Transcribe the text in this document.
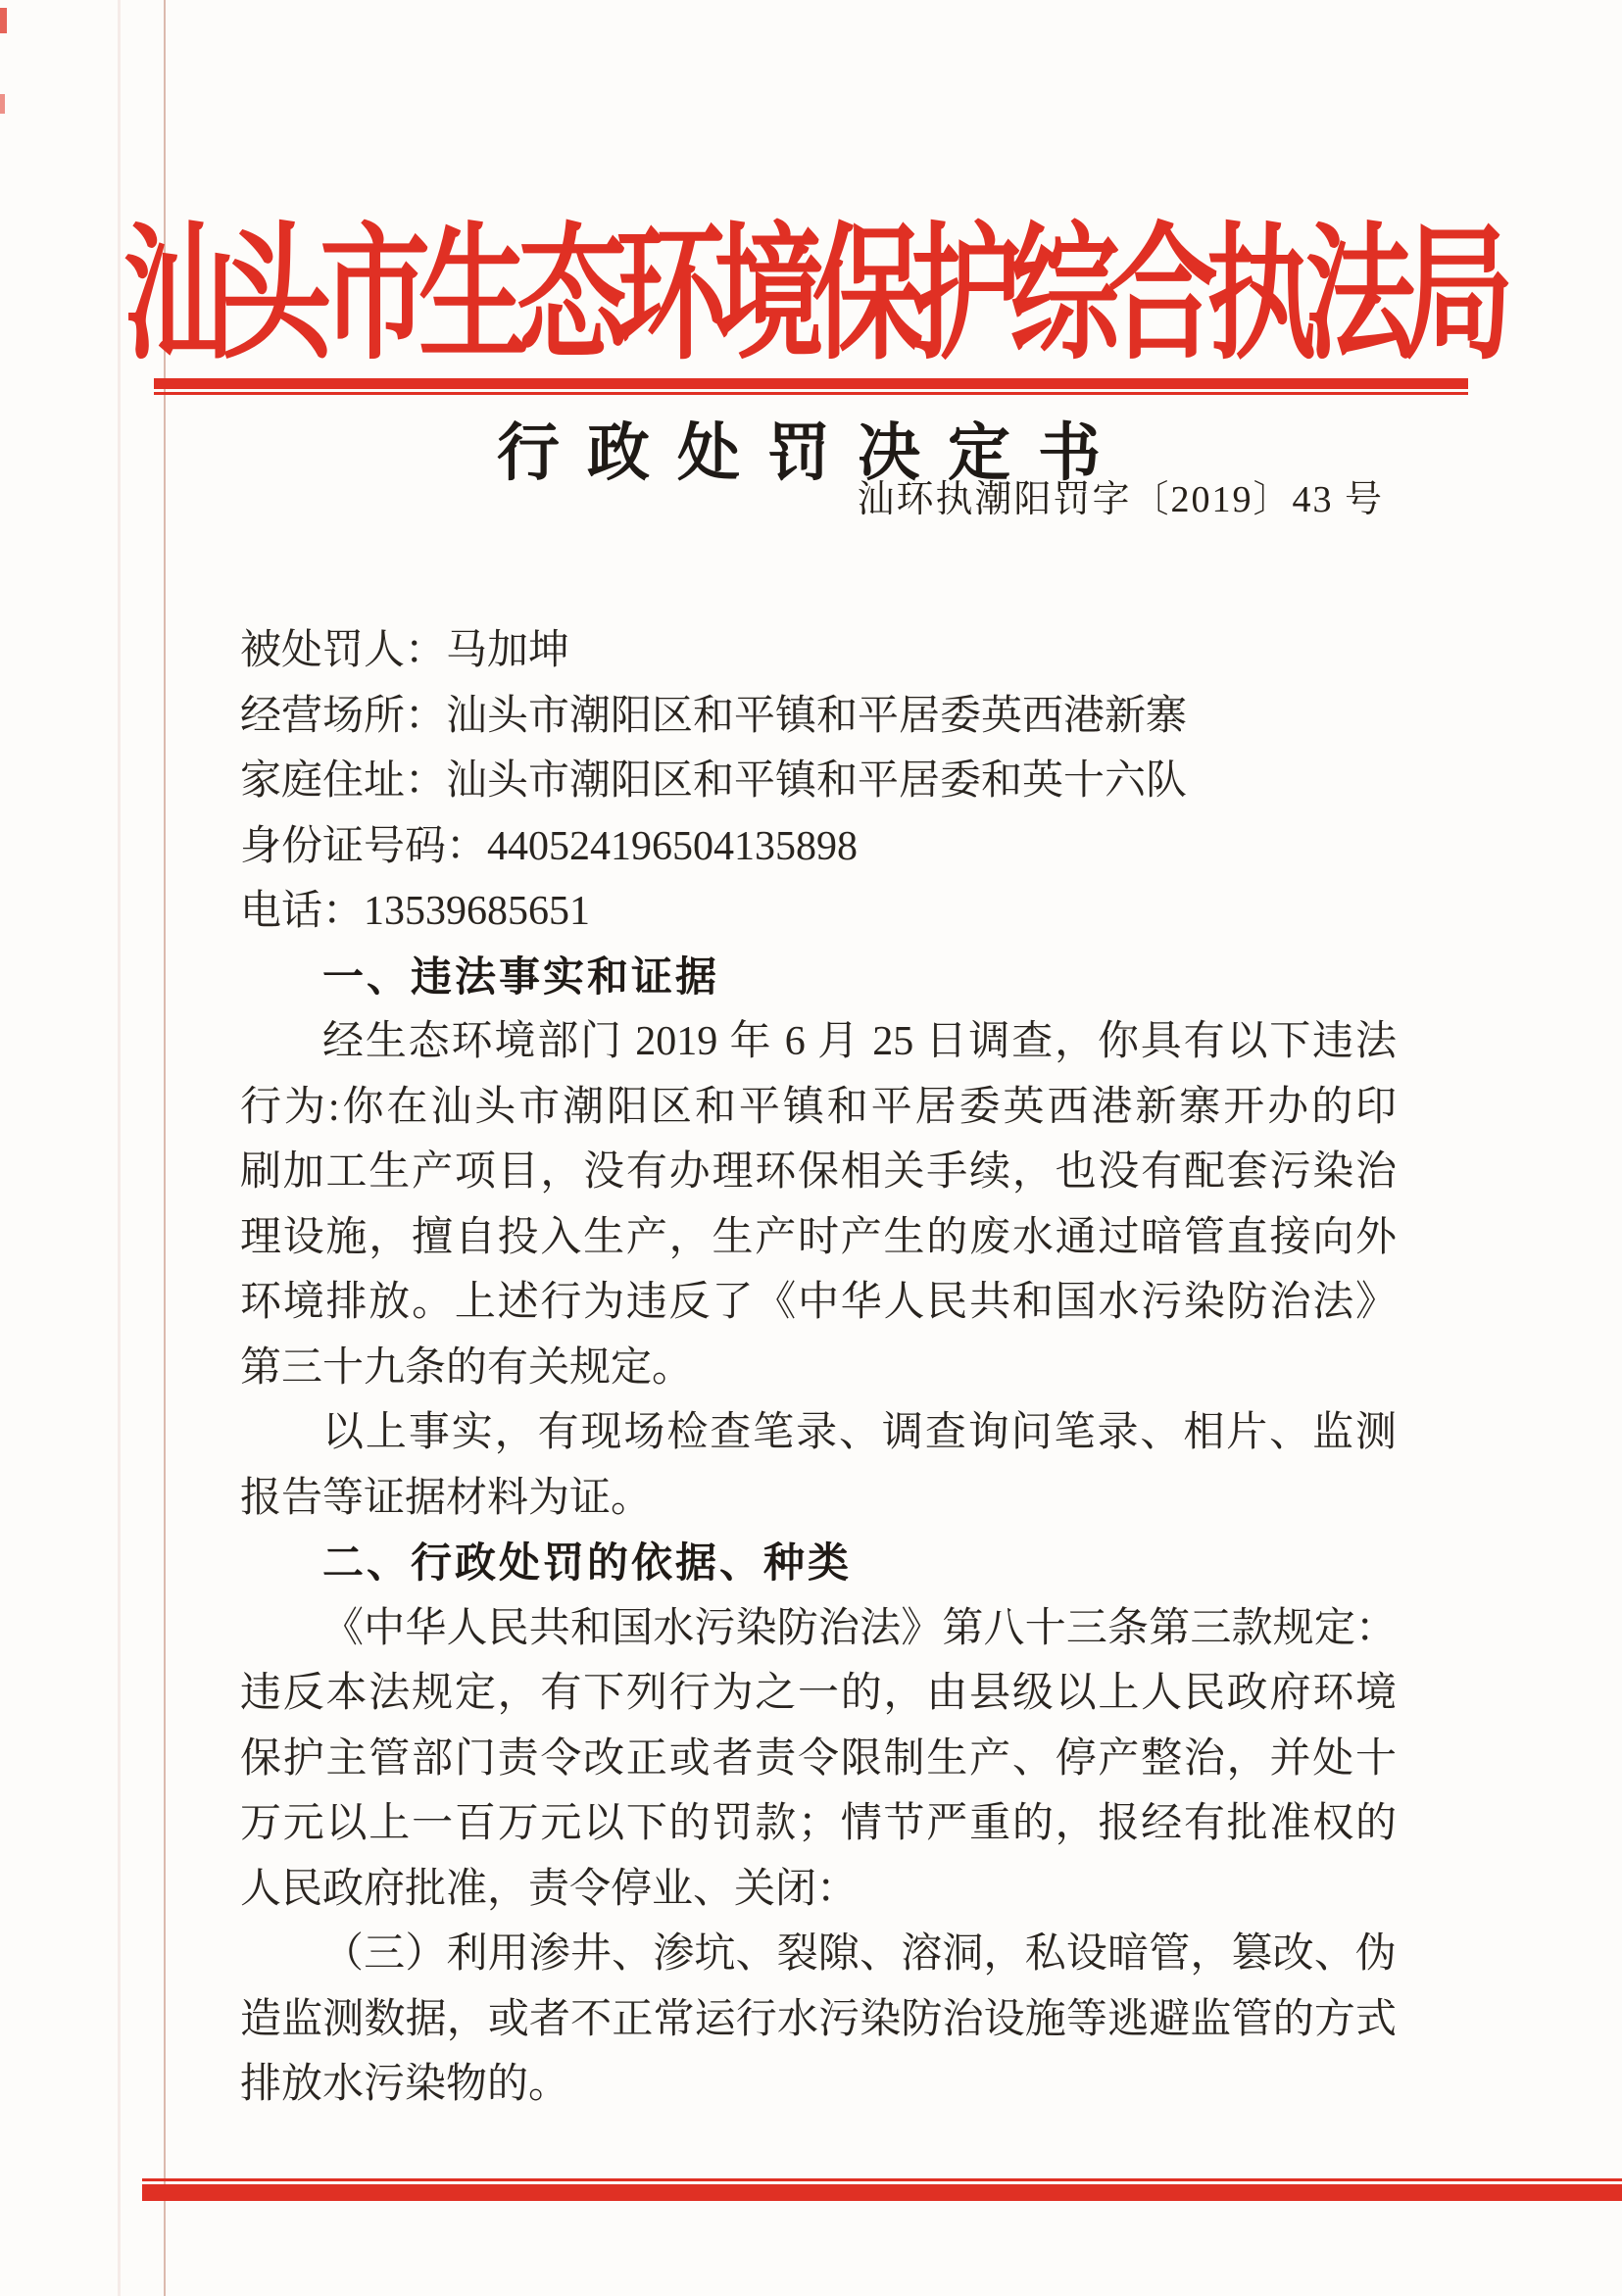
汕头市生态环境保护综合执法局
行政处罚决定书
汕环执潮阳罚字〔2019〕43 号
被处罚人：马加坤
经营场所：汕头市潮阳区和平镇和平居委英西港新寨
家庭住址：汕头市潮阳区和平镇和平居委和英十六队
身份证号码：440524196504135898
电话：13539685651
一、违法事实和证据
经生态环境部门 2019 年 6 月 25 日调查，你具有以下违法
行为:你在汕头市潮阳区和平镇和平居委英西港新寨开办的印
刷加工生产项目，没有办理环保相关手续，也没有配套污染治
理设施，擅自投入生产，生产时产生的废水通过暗管直接向外
环境排放。上述行为违反了《中华人民共和国水污染防治法》
第三十九条的有关规定。
以上事实，有现场检查笔录、调查询问笔录、相片、监测
报告等证据材料为证。
二、行政处罚的依据、种类
《中华人民共和国水污染防治法》第八十三条第三款规定：
违反本法规定，有下列行为之一的，由县级以上人民政府环境
保护主管部门责令改正或者责令限制生产、停产整治，并处十
万元以上一百万元以下的罚款；情节严重的，报经有批准权的
人民政府批准，责令停业、关闭：
（三）利用渗井、渗坑、裂隙、溶洞，私设暗管，篡改、伪
造监测数据，或者不正常运行水污染防治设施等逃避监管的方式
排放水污染物的。
